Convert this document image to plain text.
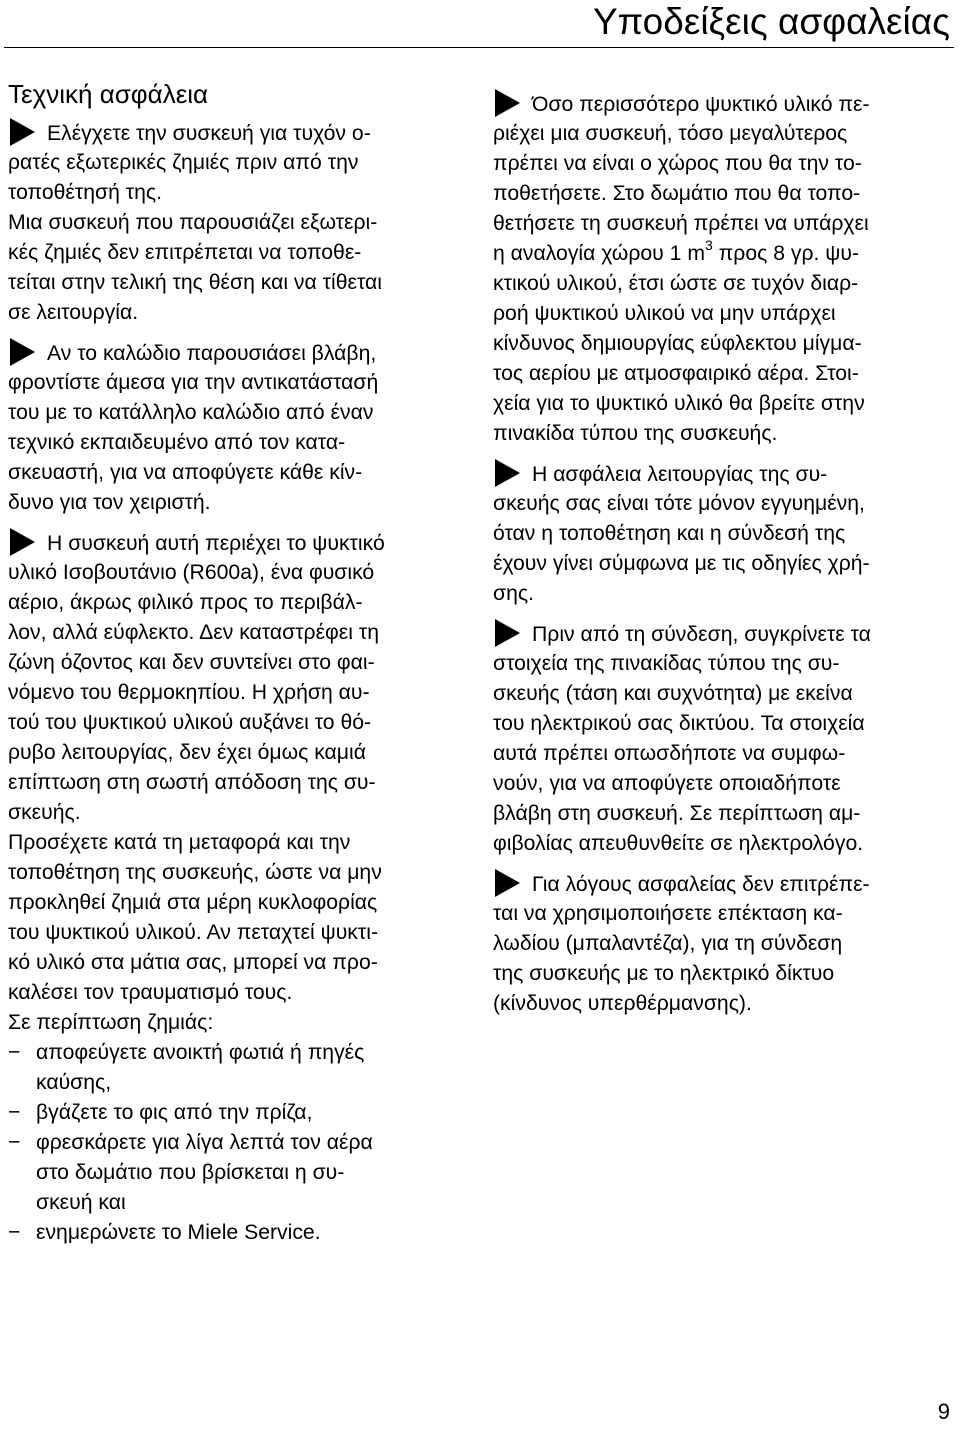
Υποδείξεις ασφαλείας
Τεχνική ασφάλεια
Ελέγχετε την συσκευή για τυχόν ο-
ρατές εξωτερικές ζημιές πριν από την
τοποθέτησή της.
Μια συσκευή που παρουσιάζει εξωτερι-
κές ζημιές δεν επιτρέπεται να τοποθε-
τείται στην τελική της θέση και να τίθεται
σε λειτουργία.
Αν το καλώδιο παρουσιάσει βλάβη,
φροντίστε άμεσα για την αντικατάστασή
του με το κατάλληλο καλώδιο από έναν
τεχνικό εκπαιδευμένο από τον κατα-
σκευαστή, για να αποφύγετε κάθε κίν-
δυνο για τον χειριστή.
Η συσκευή αυτή περιέχει το ψυκτικό
υλικό Ισοβουτάνιο (R600a), ένα φυσικό
αέριο, άκρως φιλικό προς το περιβάλ-
λον, αλλά εύφλεκτο. Δεν καταστρέφει τη
ζώνη όζοντος και δεν συντείνει στο φαι-
νόμενο του θερμοκηπίου. Η χρήση αυ-
τού του ψυκτικού υλικού αυξάνει το θό-
ρυβο λειτουργίας, δεν έχει όμως καμιά
επίπτωση στη σωστή απόδοση της συ-
σκευής.
Προσέχετε κατά τη μεταφορά και την
τοποθέτηση της συσκευής, ώστε να μην
προκληθεί ζημιά στα μέρη κυκλοφορίας
του ψυκτικού υλικού. Αν πεταχτεί ψυκτι-
κό υλικό στα μάτια σας, μπορεί να προ-
καλέσει τον τραυματισμό τους.
Σε περίπτωση ζημιάς:
− αποφεύγετε ανοικτή φωτιά ή πηγές
καύσης,
− βγάζετε το φις από την πρίζα,
− φρεσκάρετε για λίγα λεπτά τον αέρα
στο δωμάτιο που βρίσκεται η συ-
σκευή και
− ενημερώνετε το Miele Service.
Όσο περισσότερο ψυκτικό υλικό πε-
ριέχει μια συσκευή, τόσο μεγαλύτερος
πρέπει να είναι ο χώρος που θα την το-
ποθετήσετε. Στο δωμάτιο που θα τοπο-
θετήσετε τη συσκευή πρέπει να υπάρχει
η αναλογία χώρου 1 $m^3$ προς 8 γρ. ψυ-
κτικού υλικού, έτσι ώστε σε τυχόν διαρ-
ροή ψυκτικού υλικού να μην υπάρχει
κίνδυνος δημιουργίας εύφλεκτου μίγμα-
τος αερίου με ατμοσφαιρικό αέρα. Στοι-
χεία για το ψυκτικό υλικό θα βρείτε στην
πινακίδα τύπου της συσκευής.
Η ασφάλεια λειτουργίας της συ-
σκευής σας είναι τότε μόνον εγγυημένη,
όταν η τοποθέτηση και η σύνδεσή της
έχουν γίνει σύμφωνα με τις οδηγίες χρή-
σης.
Πριν από τη σύνδεση, συγκρίνετε τα
στοιχεία της πινακίδας τύπου της συ-
σκευής (τάση και συχνότητα) με εκείνα
του ηλεκτρικού σας δικτύου. Τα στοιχεία
αυτά πρέπει οπωσδήποτε να συμφω-
νούν, για να αποφύγετε οποιαδήποτε
βλάβη στη συσκευή. Σε περίπτωση αμ-
φιβολίας απευθυνθείτε σε ηλεκτρολόγο.
Για λόγους ασφαλείας δεν επιτρέπε-
ται να χρησιμοποιήσετε επέκταση κα-
λωδίου (μπαλαντέζα), για τη σύνδεση
της συσκευής με το ηλεκτρικό δίκτυο
(κίνδυνος υπερθέρμανσης).
9
